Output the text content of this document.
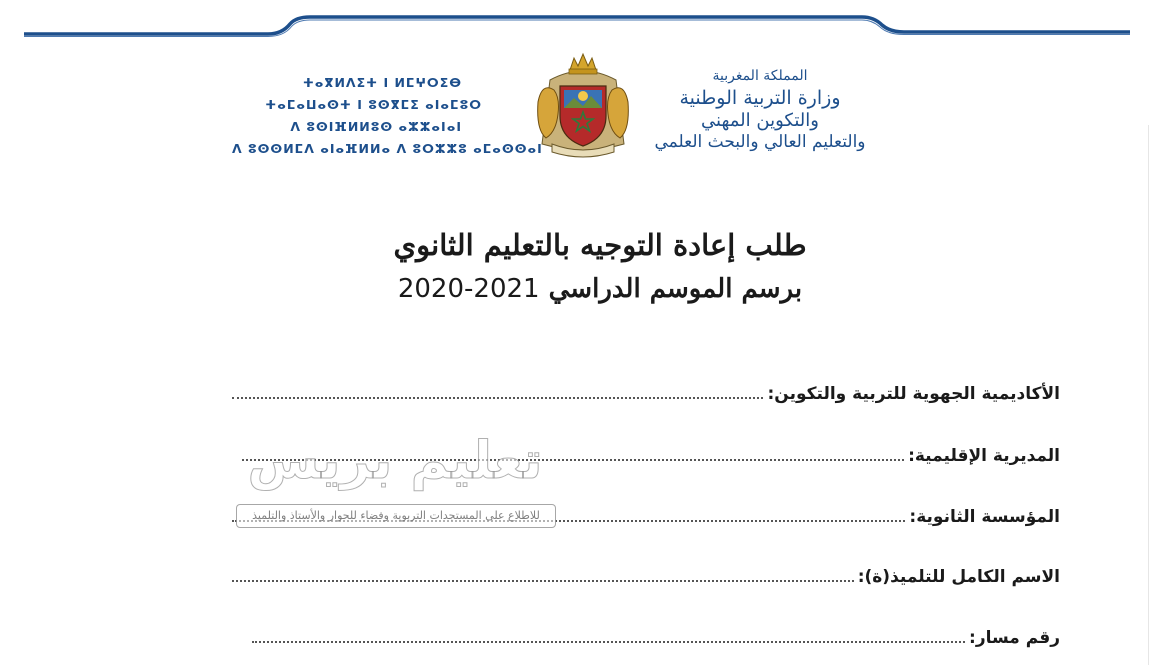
المملكة المغربية
وزارة التربية الوطنية
والتكوين المهني
والتعليم العالي والبحث العلمي
ⵜⴰⴳⵍⴷⵉⵜ ⵏ ⵍⵎⵖⵔⵉⴱ
ⵜⴰⵎⴰⵡⴰⵙⵜ ⵏ ⵓⵙⴳⵎⵉ ⴰⵏⴰⵎⵓⵔ
ⴷ ⵓⵙⵏⴼⵍⵍⵓⵙ ⴰⵣⵣⴰⵏⴰⵏ
ⴷ ⵓⵙⵙⵍⵎⴷ ⴰⵏⴰⴼⵍⵍⴰ ⴷ ⵓⵔⵣⵣⵓ ⴰⵎⴰⵙⵙⴰⵏ
طلب إعادة التوجيه بالتعليم الثانوي
برسم الموسم الدراسي 2021-2020
الأكاديمية الجهوية للتربية والتكوين:
المديرية الإقليمية:
المؤسسة الثانوية:
الاسم الكامل للتلميذ(ة):
رقم مسار:
تعليم بريس
للاطلاع على المستجدات التربوية وفضاء للحوار والأستاذ والتلميذ
